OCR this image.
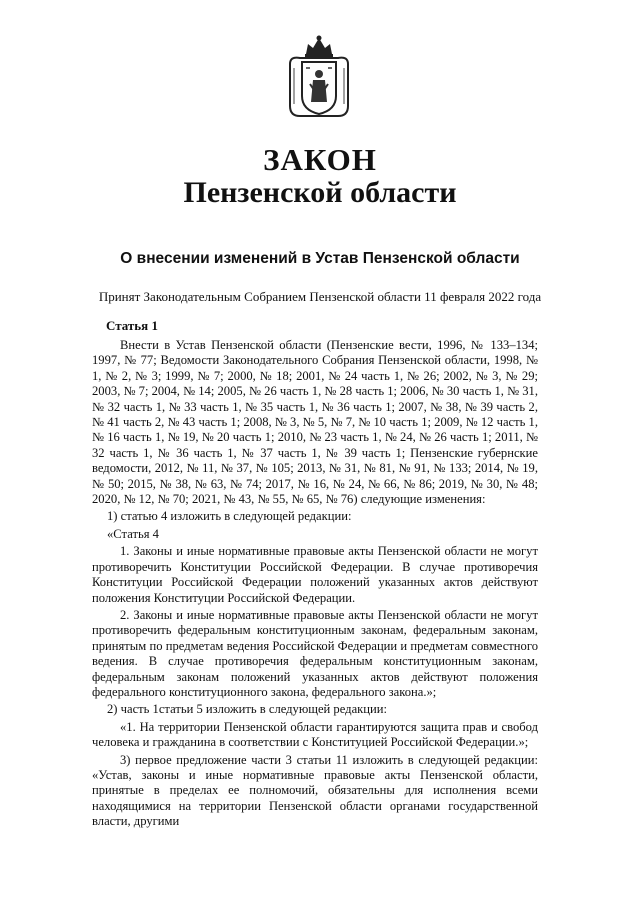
ЗАКОН
Пензенской области
О внесении изменений в Устав Пензенской области
Принят Законодательным Собранием Пензенской области 11 февраля 2022 года
Статья 1

Внести в Устав Пензенской области (Пензенские вести, 1996, № 133–134; 1997, № 77; Ведомости Законодательного Собрания Пензенской области, 1998, № 1, № 2, № 3; 1999, № 7; 2000, № 18; 2001, № 24 часть 1, № 26; 2002, № 3, № 29; 2003, № 7; 2004, № 14; 2005, № 26 часть 1, № 28 часть 1; 2006, № 30 часть 1, № 31, № 32 часть 1, № 33 часть 1, № 35 часть 1, № 36 часть 1; 2007, № 38, № 39 часть 2, № 41 часть 2, № 43 часть 1; 2008, № 3, № 5, № 7, № 10 часть 1; 2009, № 12 часть 1, № 16 часть 1, № 19, № 20 часть 1; 2010, № 23 часть 1, № 24, № 26 часть 1; 2011, № 32 часть 1, № 36 часть 1, № 37 часть 1, № 39 часть 1; Пензенские губернские ведомости, 2012, № 11, № 37, № 105; 2013, № 31, № 81, № 91, № 133; 2014, № 19, № 50; 2015, № 38, № 63, № 74; 2017, № 16, № 24, № 66, № 86; 2019, № 30, № 48; 2020, № 12, № 70; 2021, № 43, № 55, № 65, № 76) следующие изменения:

1) статью 4 изложить в следующей редакции:

«Статья 4

1. Законы и иные нормативные правовые акты Пензенской области не могут противоречить Конституции Российской Федерации. В случае противоречия Конституции Российской Федерации положений указанных актов действуют положения Конституции Российской Федерации.

2. Законы и иные нормативные правовые акты Пензенской области не могут противоречить федеральным конституционным законам, федеральным законам, принятым по предметам ведения Российской Федерации и предметам совместного ведения. В случае противоречия федеральным конституционным законам, федеральным законам положений указанных актов действуют положения федерального конституционного закона, федерального закона.»;

2) часть 1статьи 5 изложить в следующей редакции:

«1. На территории Пензенской области гарантируются защита прав и свобод человека и гражданина в соответствии с Конституцией Российской Федерации.»;

3) первое предложение части 3 статьи 11 изложить в следующей редакции: «Устав, законы и иные нормативные правовые акты Пензенской области, принятые в пределах ее полномочий, обязательны для исполнения всеми находящимися на территории Пензенской области органами государственной власти, другими
